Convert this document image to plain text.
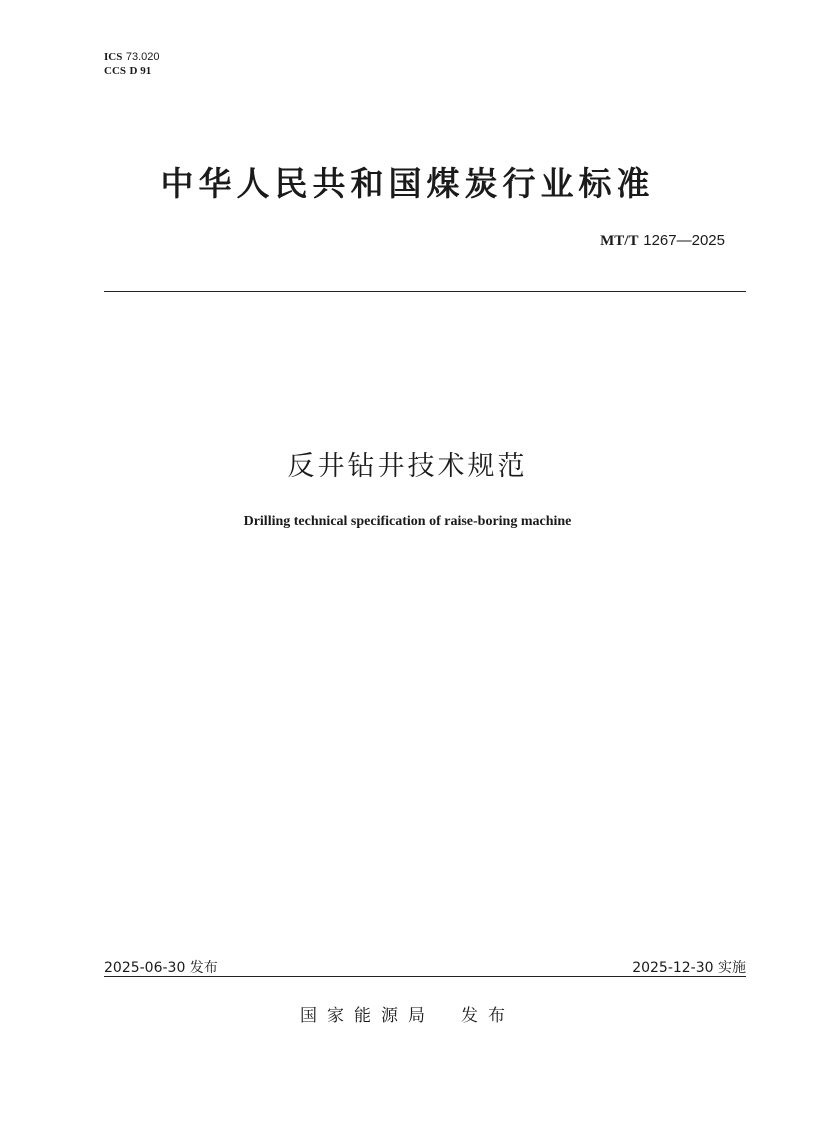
ICS 73.020
CCS D 91
中华人民共和国煤炭行业标准
MT/T 1267—2025
反井钻井技术规范
Drilling technical specification of raise-boring machine
2025-06-30 发布	2025-12-30 实施
国家能源局 发布
